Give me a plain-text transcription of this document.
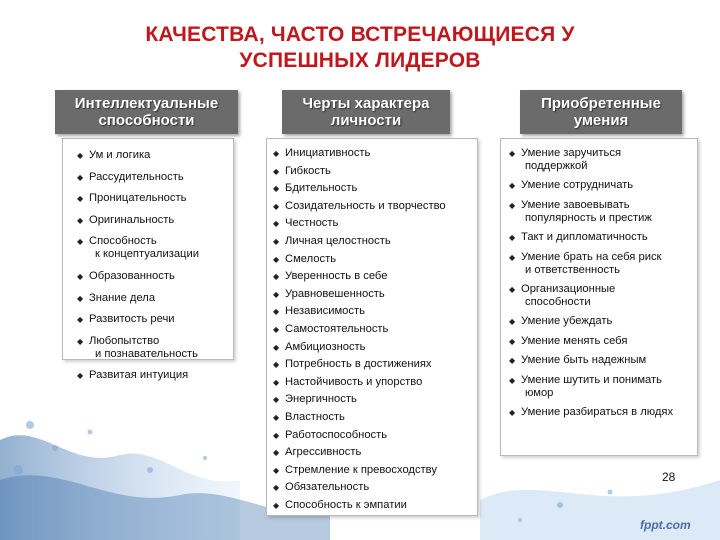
КАЧЕСТВА, ЧАСТО ВСТРЕЧАЮЩИЕСЯ У
УСПЕШНЫХ ЛИДЕРОВ
Интеллектуальные
способности
Черты характера
личности
Приобретенные
умения
◆ Ум и логика
◆ Рассудительность
◆ Проницательность
◆ Оригинальность
◆ Способность
к концептуализации
◆ Образованность
◆ Знание дела
◆ Развитость речи
◆ Любопытство
и познавательность
◆ Развитая интуиция
◆ Инициативность
◆ Гибкость
◆ Бдительность
◆ Созидательность и творчество
◆ Честность
◆ Личная целостность
◆ Смелость
◆ Уверенность в себе
◆ Уравновешенность
◆ Независимость
◆ Самостоятельность
◆ Амбициозность
◆ Потребность в достижениях
◆ Настойчивость и упорство
◆ Энергичность
◆ Властность
◆ Работоспособность
◆ Агрессивность
◆ Стремление к превосходству
◆ Обязательность
◆ Способность к эмпатии
◆ Умение заручиться
поддержкой
◆ Умение сотрудничать
◆ Умение завоевывать
популярность и престиж
◆ Такт и дипломатичность
◆ Умение брать на себя риск
и ответственность
◆ Организационные
способности
◆ Умение убеждать
◆ Умение менять себя
◆ Умение быть надежным
◆ Умение шутить и понимать
юмор
◆ Умение разбираться в людях
28
fppt.com
